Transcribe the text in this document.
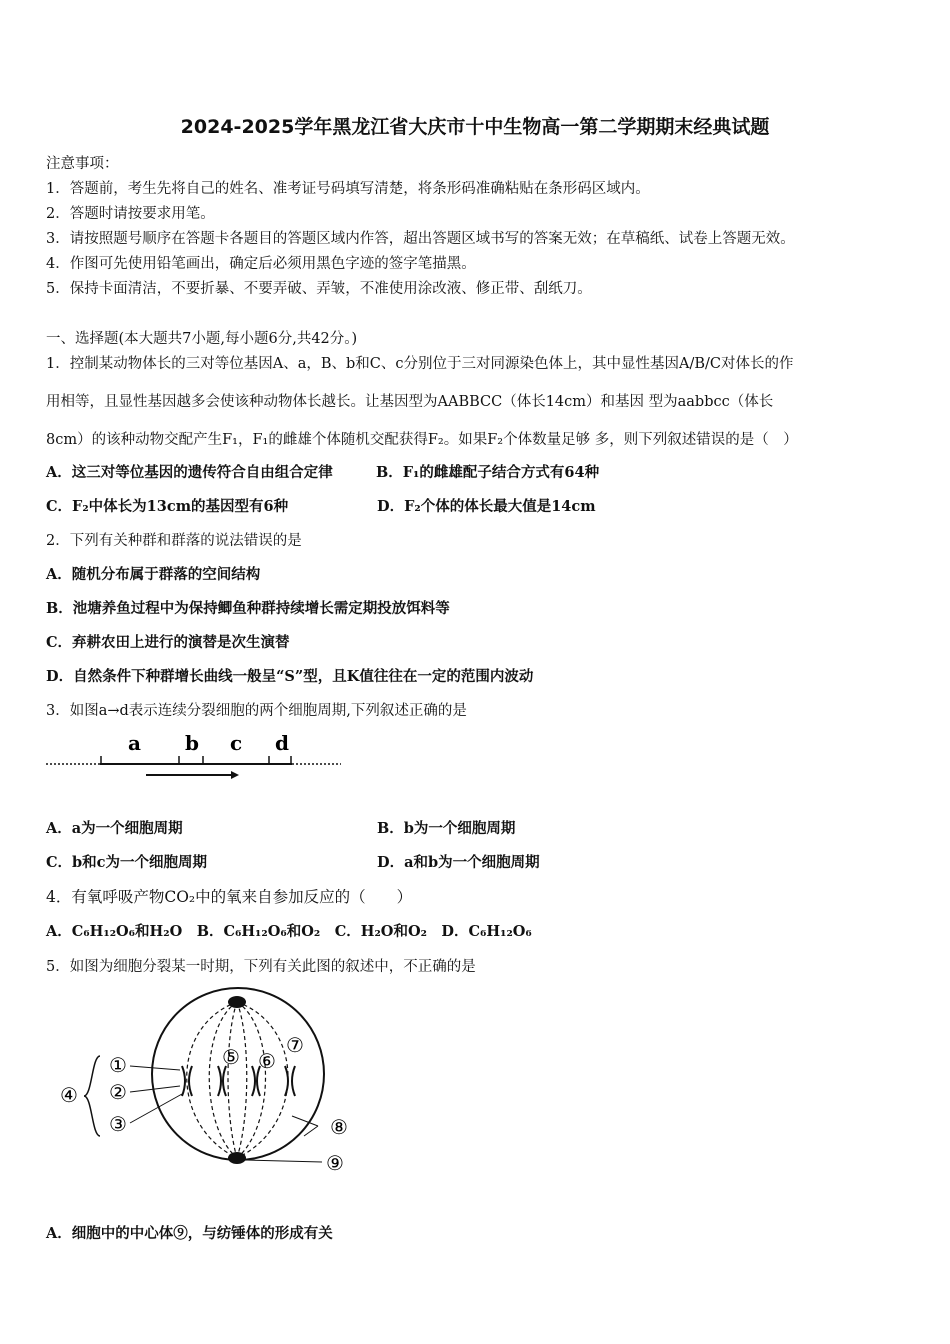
2024-2025学年黑龙江省大庆市十中生物高一第二学期期末经典试题
注意事项：
1．答题前，考生先将自己的姓名、准考证号码填写清楚，将条形码准确粘贴在条形码区域内。
2．答题时请按要求用笔。
3．请按照题号顺序在答题卡各题目的答题区域内作答，超出答题区域书写的答案无效；在草稿纸、试卷上答题无效。
4．作图可先使用铅笔画出，确定后必须用黑色字迹的签字笔描黑。
5．保持卡面清洁，不要折暴、不要弄破、弄皱，不准使用涂改液、修正带、刮纸刀。
一、选择题(本大题共7小题,每小题6分,共42分。)
1．控制某动物体长的三对等位基因A、a，B、b和C、c分别位于三对同源染色体上，其中显性基因A/B/C对体长的作
用相等，且显性基因越多会使该种动物体长越长。让基因型为AABBCC（体长14cm）和基因 型为aabbcc（体长
8cm）的该种动物交配产生F₁，F₁的雌雄个体随机交配获得F₂。如果F₂个体数量足够 多，则下列叙述错误的是（　）
A．这三对等位基因的遗传符合自由组合定律	B．F₁的雌雄配子结合方式有64种
C．F₂中体长为13cm的基因型有6种	D．F₂个体的体长最大值是14cm
2．下列有关种群和群落的说法错误的是
A．随机分布属于群落的空间结构
B．池塘养鱼过程中为保持鲫鱼种群持续增长需定期投放饵料等
C．弃耕农田上进行的演替是次生演替
D．自然条件下种群增长曲线一般呈“S”型，且K值往往在一定的范围内波动
3．如图a→d表示连续分裂细胞的两个细胞周期,下列叙述正确的是
a b c d
A．a为一个细胞周期	B．b为一个细胞周期
C．b和c为一个细胞周期	D．a和b为一个细胞周期
4．有氧呼吸产物CO₂中的氧来自参加反应的（　　）
A．C₆H₁₂O₆和H₂O　B．C₆H₁₂O₆和O₂　C．H₂O和O₂　D．C₆H₁₂O₆
5．如图为细胞分裂某一时期，下列有关此图的叙述中，不正确的是
①
②
③
④
⑤ ⑥
⑦
⑧
⑨
A．细胞中的中心体⑨，与纺锤体的形成有关
